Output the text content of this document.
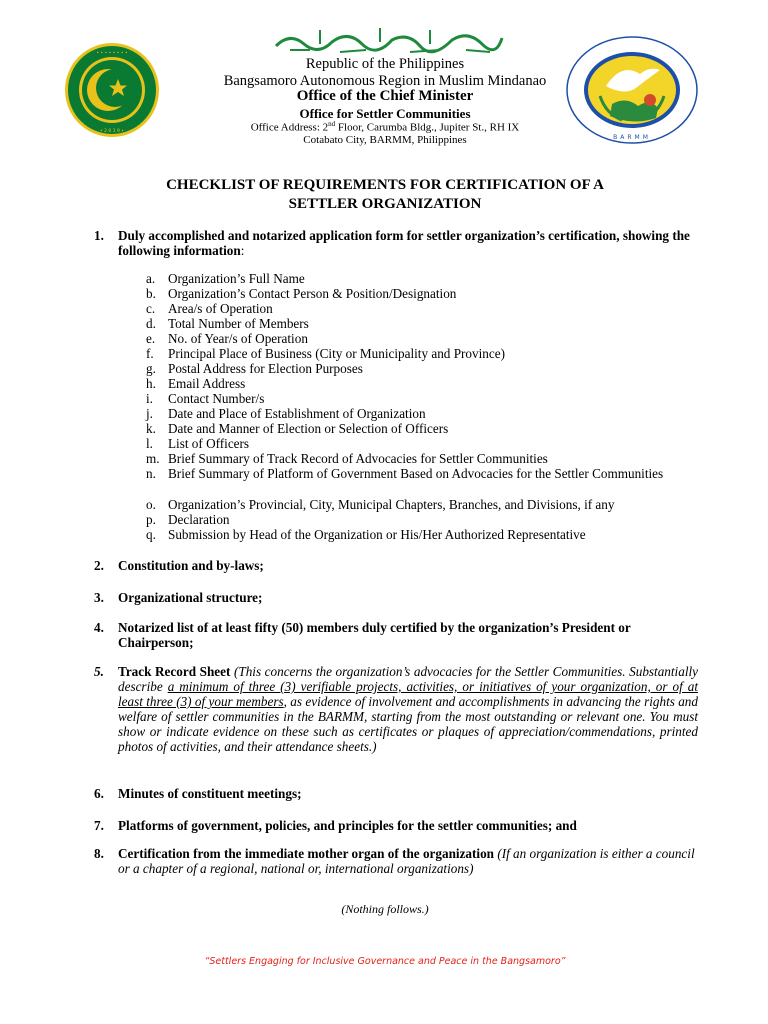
• • • • • • • •
• 2 0 1 9 •
Republic of the Philippines
Bangsamoro Autonomous Region in Muslim Mindanao
Office of the Chief Minister
Office for Settler Communities
Office Address: 2nd Floor, Carumba Bldg., Jupiter St., RH IX
Cotabato City, BARMM, Philippines	BARMM
CHECKLIST OF REQUIREMENTS FOR CERTIFICATION OF A
SETTLER ORGANIZATION
1. Duly accomplished and notarized application form for settler organization’s certification, showing the following information:
a. Organization’s Full Name
b. Organization’s Contact Person & Position/Designation
c. Area/s of Operation
d. Total Number of Members
e. No. of Year/s of Operation
f. Principal Place of Business (City or Municipality and Province)
g. Postal Address for Election Purposes
h. Email Address
i. Contact Number/s
j. Date and Place of Establishment of Organization
k. Date and Manner of Election or Selection of Officers
l. List of Officers
m. Brief Summary of Track Record of Advocacies for Settler Communities
n. Brief Summary of Platform of Government Based on Advocacies for the Settler Communities
o. Organization’s Provincial, City, Municipal Chapters, Branches, and Divisions, if any
p. Declaration
q. Submission by Head of the Organization or His/Her Authorized Representative
2. Constitution and by-laws;
3. Organizational structure;
4. Notarized list of at least fifty (50) members duly certified by the organization’s President or Chairperson;
5. Track Record Sheet (This concerns the organization’s advocacies for the Settler Communities. Substantially describe a minimum of three (3) verifiable projects, activities, or initiatives of your organization, or of at least three (3) of your members, as evidence of involvement and accomplishments in advancing the rights and welfare of settler communities in the BARMM, starting from the most outstanding or relevant one. You must show or indicate evidence on these such as certificates or plaques of appreciation/commendations, printed photos of activities, and their attendance sheets.)
6. Minutes of constituent meetings;
7. Platforms of government, policies, and principles for the settler communities; and
8. Certification from the immediate mother organ of the organization (If an organization is either a council or a chapter of a regional, national or, international organizations)
(Nothing follows.)
“Settlers Engaging for Inclusive Governance and Peace in the Bangsamoro”
